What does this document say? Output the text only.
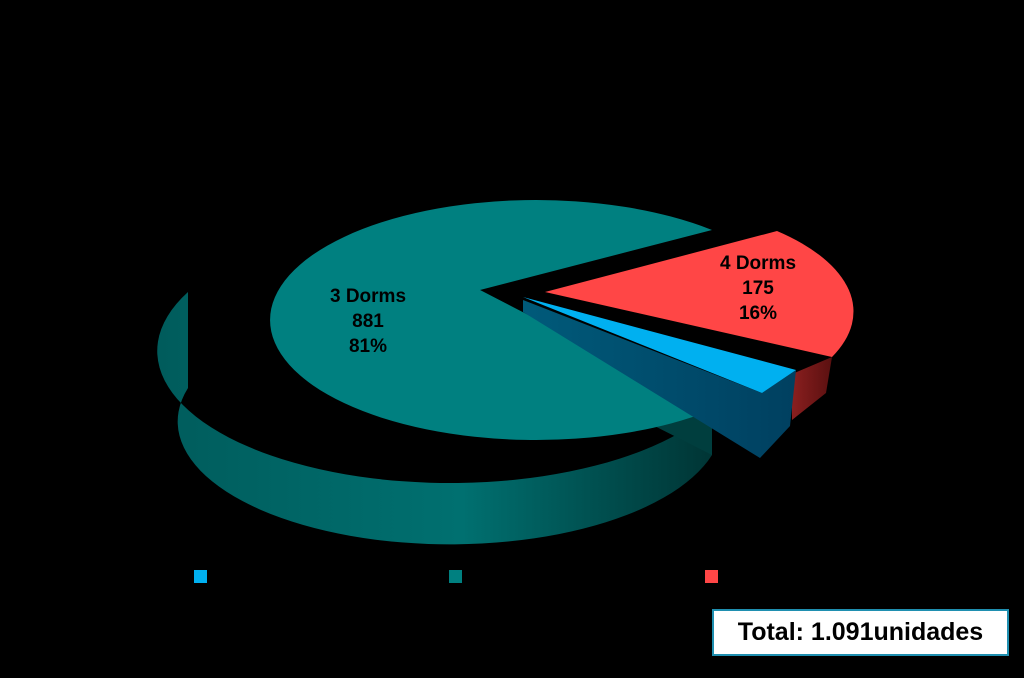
3 Dorms
881
81%
4 Dorms
175
16%
Total: 1.091unidades
